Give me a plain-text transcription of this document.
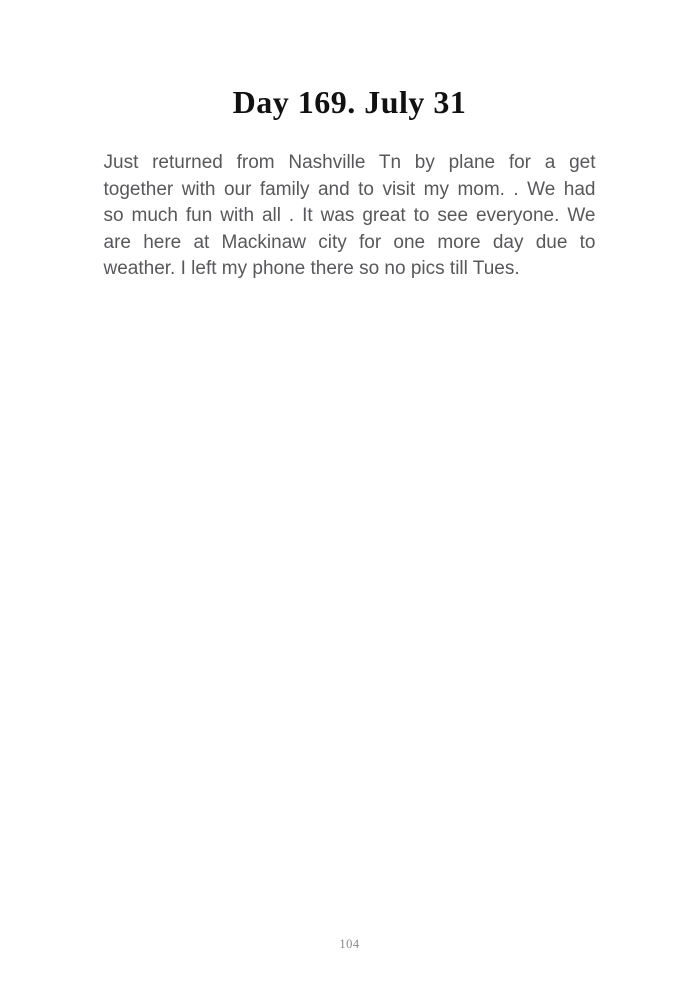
Day 169. July 31
Just returned from Nashville Tn by plane for a get
together with our family and to visit my mom. . We had
so much fun with all . It was great to see everyone. We
are here at Mackinaw city for one more day due to
weather. I left my phone there so no pics till Tues.
104
